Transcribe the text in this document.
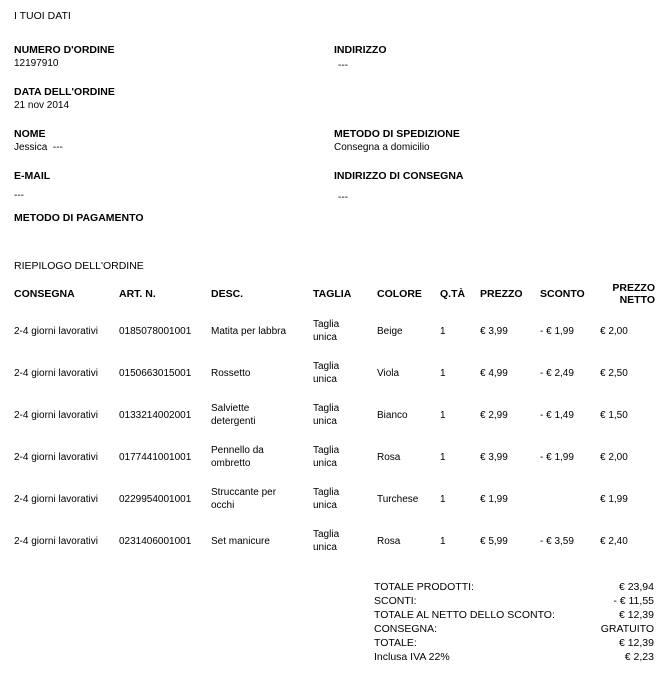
I TUOI DATI
NUMERO D'ORDINE
12197910
INDIRIZZO
---
DATA DELL'ORDINE
21 nov 2014
NOME
Jessica  ---
METODO DI SPEDIZIONE
Consegna a domicilio
E-MAIL
---
INDIRIZZO DI CONSEGNA
---
METODO DI PAGAMENTO
RIEPILOGO DELL'ORDINE
CONSEGNA	ART. N.	DESC.	TAGLIA	COLORE	Q.TÀ	PREZZO	SCONTO	PREZZO NETTO
2-4 giorni lavorativi	0185078001001	Matita per labbra	Taglia unica	Beige	1	€ 3,99	- € 1,99	€ 2,00
2-4 giorni lavorativi	0150663015001	Rossetto	Taglia unica	Viola	1	€ 4,99	- € 2,49	€ 2,50
2-4 giorni lavorativi	0133214002001	Salviette detergenti	Taglia unica	Bianco	1	€ 2,99	- € 1,49	€ 1,50
2-4 giorni lavorativi	0177441001001	Pennello da ombretto	Taglia unica	Rosa	1	€ 3,99	- € 1,99	€ 2,00
2-4 giorni lavorativi	0229954001001	Struccante per occhi	Taglia unica	Turchese	1	€ 1,99		€ 1,99
2-4 giorni lavorativi	0231406001001	Set manicure	Taglia unica	Rosa	1	€ 5,99	- € 3,59	€ 2,40
TOTALE PRODOTTI:	€ 23,94
SCONTI:	- € 11,55
TOTALE AL NETTO DELLO SCONTO:	€ 12,39
CONSEGNA:	GRATUITO
TOTALE:	€ 12,39
Inclusa IVA 22%	€ 2,23
